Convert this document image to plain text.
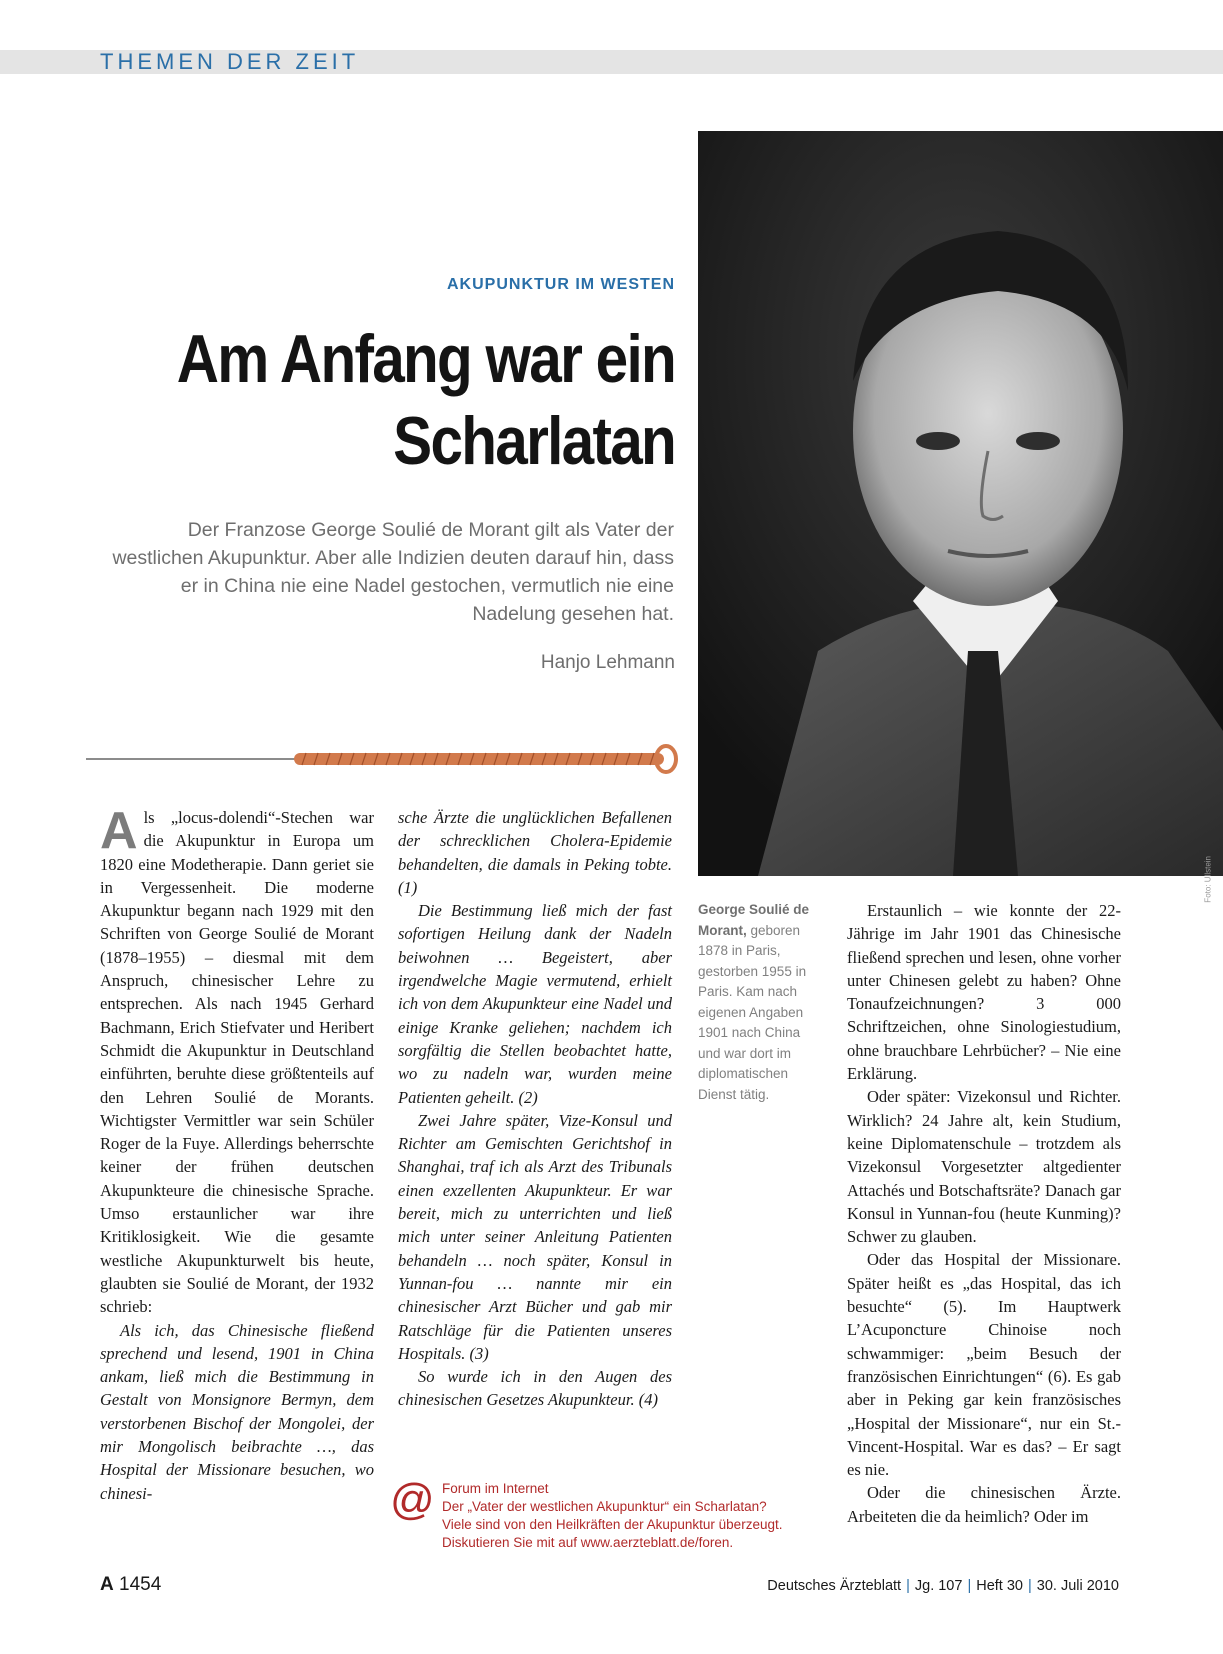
THEMEN DER ZEIT
Foto: Ullstein
AKUPUNKTUR IM WESTEN
Am Anfang war ein
Scharlatan

Der Franzose George Soulié de Morant gilt als Vater der westlichen Akupunktur. Aber alle Indizien deuten darauf hin, dass er in China nie eine Nadel gestochen, vermutlich nie eine Nadelung gesehen hat.

Hanjo Lehmann

Als „locus-dolendi“-Stechen war die Akupunktur in Europa um 1820 eine Modetherapie. Dann geriet sie in Vergessenheit. Die moderne Akupunktur begann nach 1929 mit den Schriften von George Soulié de Morant (1878–1955) – diesmal mit dem Anspruch, chinesischer Lehre zu entsprechen. Als nach 1945 Gerhard Bachmann, Erich Stiefvater und Heribert Schmidt die Akupunktur in Deutschland einführten, beruhte diese größtenteils auf den Lehren Soulié de Morants. Wichtigster Vermittler war sein Schüler Roger de la Fuye. Allerdings beherrschte keiner der frühen deutschen Akupunkteure die chinesische Sprache. Umso erstaunlicher war ihre Kritiklosigkeit. Wie die gesamte westliche Akupunkturwelt bis heute, glaubten sie Soulié de Morant, der 1932 schrieb:

Als ich, das Chinesische fließend sprechend und lesend, 1901 in China ankam, ließ mich die Bestimmung in Gestalt von Monsignore Bermyn, dem verstorbenen Bischof der Mongolei, der mir Mongolisch beibrachte …, das Hospital der Missionare besuchen, wo chinesi-

sche Ärzte die unglücklichen Befallenen der schrecklichen Cholera-Epidemie behandelten, die damals in Peking tobte. (1)

Die Bestimmung ließ mich der fast sofortigen Heilung dank der Nadeln beiwohnen … Begeistert, aber irgendwelche Magie vermutend, erhielt ich von dem Akupunkteur eine Nadel und einige Kranke geliehen; nachdem ich sorgfältig die Stellen beobachtet hatte, wo zu nadeln war, wurden meine Patienten geheilt. (2)

Zwei Jahre später, Vize-Konsul und Richter am Gemischten Gerichtshof in Shanghai, traf ich als Arzt des Tribunals einen exzellenten Akupunkteur. Er war bereit, mich zu unterrichten und ließ mich unter seiner Anleitung Patienten behandeln … noch später, Konsul in Yunnan-fou … nannte mir ein chinesischer Arzt Bücher und gab mir Ratschläge für die Patienten unseres Hospitals. (3)

So wurde ich in den Augen des chinesischen Gesetzes Akupunkteur. (4)

George Soulié de Morant, geboren 1878 in Paris, gestorben 1955 in Paris. Kam nach eigenen Angaben 1901 nach China und war dort im diplomatischen Dienst tätig.

Erstaunlich – wie konnte der 22-Jährige im Jahr 1901 das Chinesische fließend sprechen und lesen, ohne vorher unter Chinesen gelebt zu haben? Ohne Tonaufzeichnungen? 3 000 Schriftzeichen, ohne Sinologiestudium, ohne brauchbare Lehrbücher? – Nie eine Erklärung.

Oder später: Vizekonsul und Richter. Wirklich? 24 Jahre alt, kein Studium, keine Diplomatenschule – trotzdem als Vizekonsul Vorgesetzter altgedienter Attachés und Botschaftsräte? Danach gar Konsul in Yunnan-fou (heute Kunming)? Schwer zu glauben.

Oder das Hospital der Missionare. Später heißt es „das Hospital, das ich besuchte“ (5). Im Hauptwerk L’Acuponcture Chinoise noch schwammiger: „beim Besuch der französischen Einrichtungen“ (6). Es gab aber in Peking gar kein französisches „Hospital der Missionare“, nur ein St.-Vincent-Hospital. War es das? – Er sagt es nie.

Oder die chinesischen Ärzte. Arbeiteten die da heimlich? Oder im

@ Forum im Internet
Der „Vater der westlichen Akupunktur“ ein Scharlatan?
Viele sind von den Heilkräften der Akupunktur überzeugt.
Diskutieren Sie mit auf www.aerzteblatt.de/foren.
A 1454	Deutsches Ärzteblatt | Jg. 107 | Heft 30 | 30. Juli 2010
